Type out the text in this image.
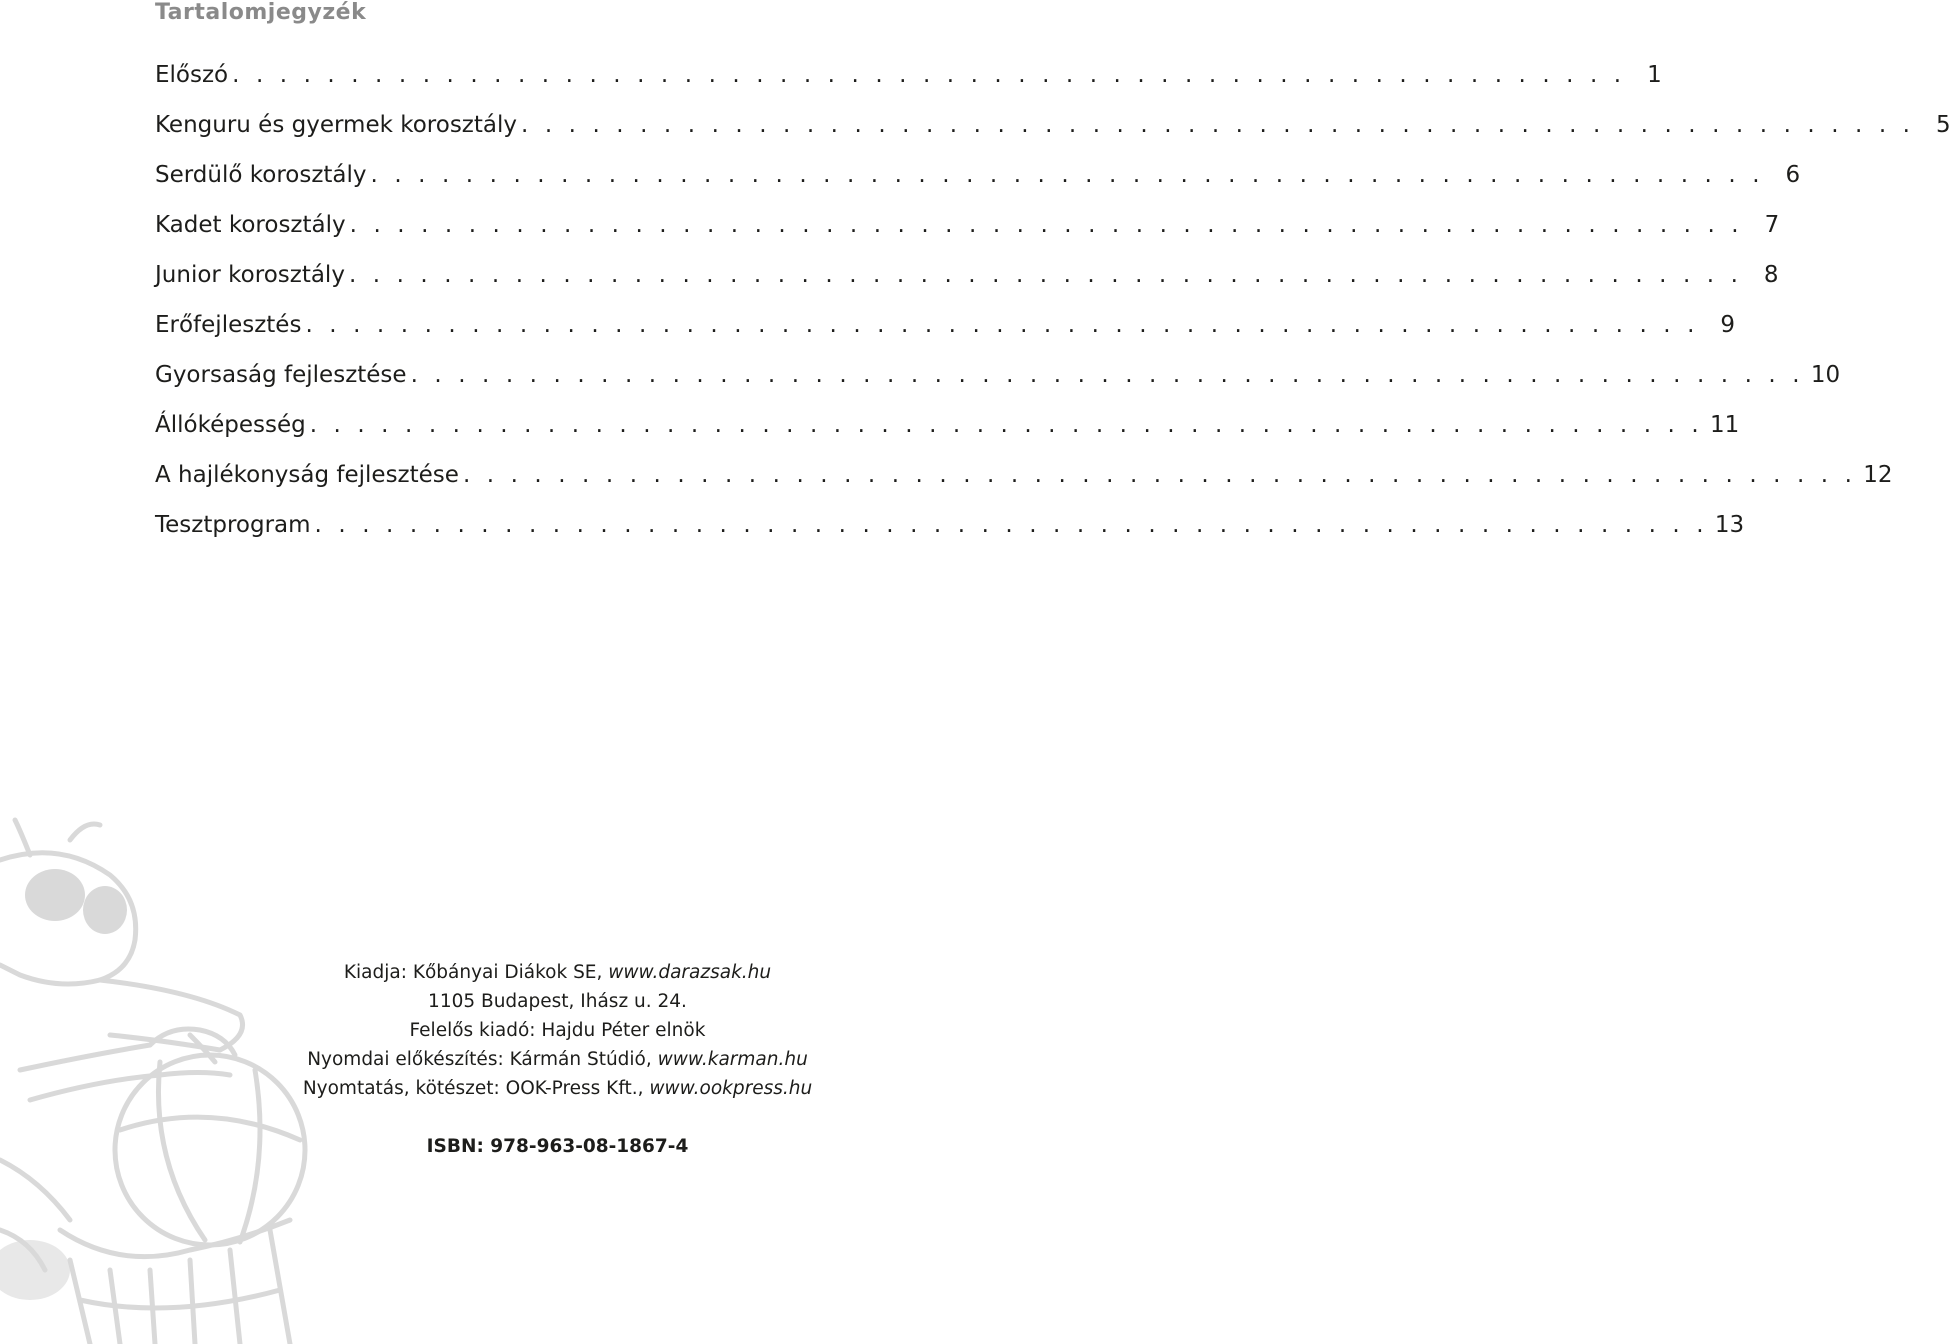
Tartalomjegyzék
Előszó . . . . . . . . . . . . . . . . . . . . . . . . . . . . . . . . . . . . . . . . . . . . . . . . . . . . . . . . . . . 1
Kenguru és gyermek korosztály . . . . . . . . . . . . . . . . . . . . . . . . . . . . . . . . . . . . . . . . . . . . . . . . . . . . . . . . . . . 5
Serdülő korosztály . . . . . . . . . . . . . . . . . . . . . . . . . . . . . . . . . . . . . . . . . . . . . . . . . . . . . . . . . . . 6
Kadet korosztály . . . . . . . . . . . . . . . . . . . . . . . . . . . . . . . . . . . . . . . . . . . . . . . . . . . . . . . . . . . 7
Junior korosztály . . . . . . . . . . . . . . . . . . . . . . . . . . . . . . . . . . . . . . . . . . . . . . . . . . . . . . . . . . . 8
Erőfejlesztés . . . . . . . . . . . . . . . . . . . . . . . . . . . . . . . . . . . . . . . . . . . . . . . . . . . . . . . . . . . 9
Gyorsaság fejlesztése . . . . . . . . . . . . . . . . . . . . . . . . . . . . . . . . . . . . . . . . . . . . . . . . . . . . . . . . . . . 10
Állóképesség . . . . . . . . . . . . . . . . . . . . . . . . . . . . . . . . . . . . . . . . . . . . . . . . . . . . . . . . . . . 11
A hajlékonyság fejlesztése . . . . . . . . . . . . . . . . . . . . . . . . . . . . . . . . . . . . . . . . . . . . . . . . . . . . . . . . . . . 12
Tesztprogram . . . . . . . . . . . . . . . . . . . . . . . . . . . . . . . . . . . . . . . . . . . . . . . . . . . . . . . . . . . 13
Kiadja: Kőbányai Diákok SE, www.darazsak.hu
1105 Budapest, Ihász u. 24.
Felelős kiadó: Hajdu Péter elnök
Nyomdai előkészítés: Kármán Stúdió, www.karman.hu
Nyomtatás, kötészet: OOK-Press Kft., www.ookpress.hu
ISBN: 978-963-08-1867-4
